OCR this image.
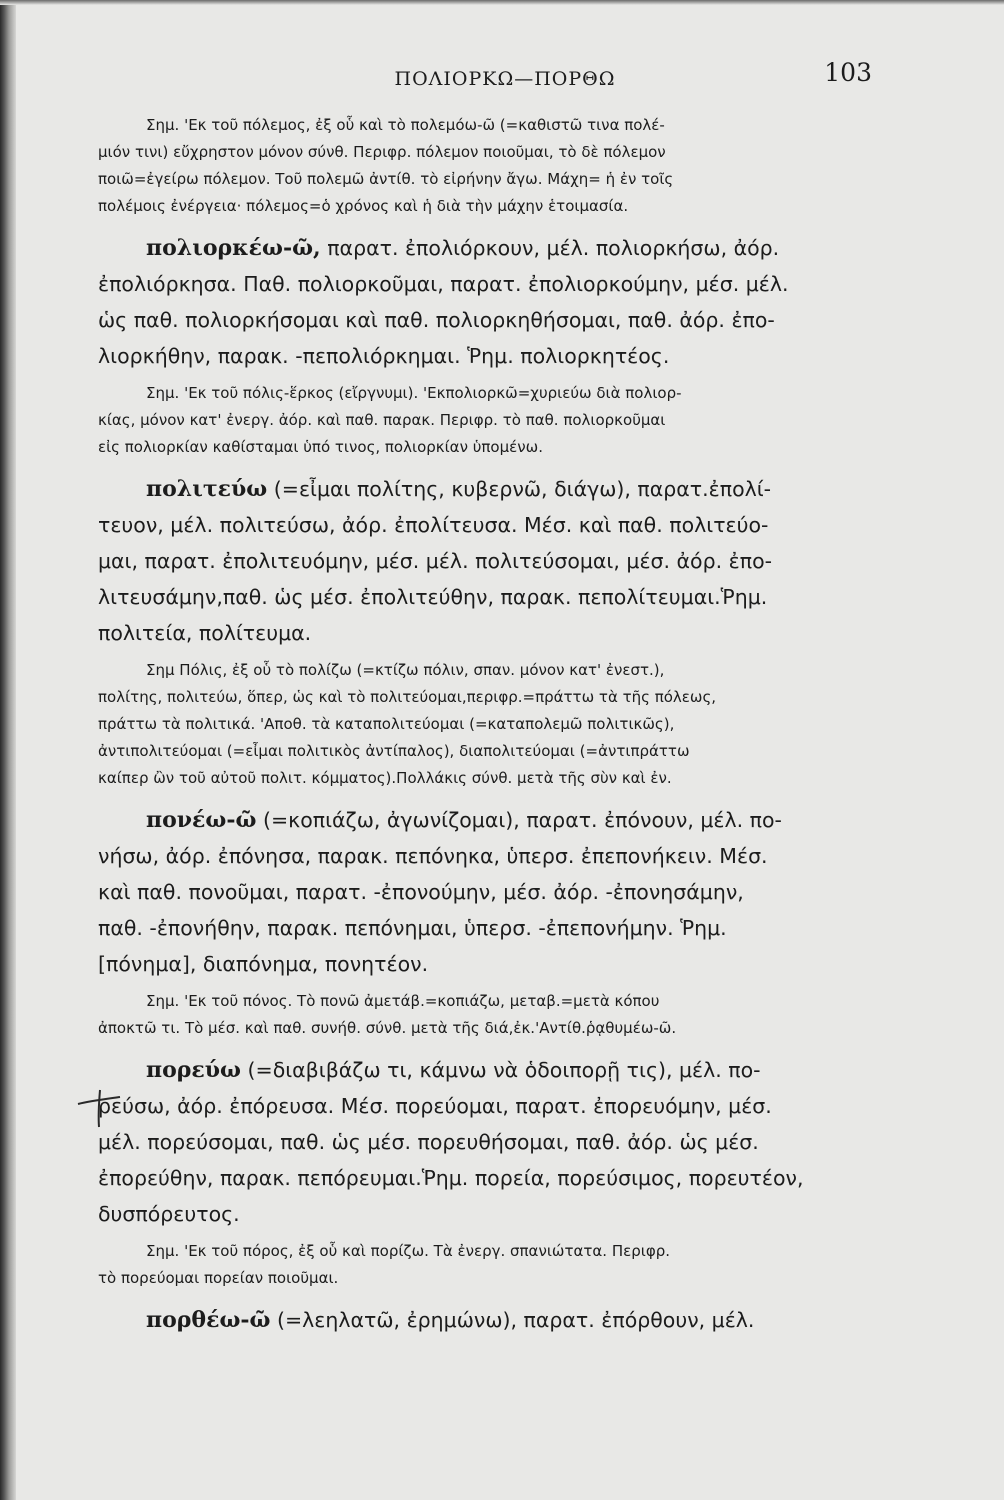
ΠΟΛΙΟΡΚΩ—ΠΟΡΘΩ	103
Σημ. 'Εκ τοῦ πόλεμος, ἐξ οὗ καὶ τὸ πολεμόω-ῶ (=καθιστῶ τινα πολέ-
μιόν τινι) εὔχρηστον μόνον σύνθ. Περιφρ. πόλεμον ποιοῦμαι, τὸ δὲ πόλεμον
ποιῶ=ἐγείρω πόλεμον. Τοῦ πολεμῶ ἀντίθ. τὸ εἰρήνην ἄγω. Μάχη= ἡ ἐν τοῖς
πολέμοις ἐνέργεια· πόλεμος=ὁ χρόνος καὶ ἡ διὰ τὴν μάχην ἑτοιμασία.
πολιορκέω-ῶ, παρατ. ἐπολιόρκουν, μέλ. πολιορκήσω, ἀόρ.
ἐπολιόρκησα. Παθ. πολιορκοῦμαι, παρατ. ἐπολιορκούμην, μέσ. μέλ.
ὡς παθ. πολιορκήσομαι καὶ παθ. πολιορκηθήσομαι, παθ. ἀόρ. ἐπο-
λιορκήθην, παρακ. -πεπολιόρκημαι. Ῥημ. πολιορκητέος.
Σημ. 'Εκ τοῦ πόλις-ἕρκος (εἴργνυμι). 'Εκπολιορκῶ=χυριεύω διὰ πολιορ-
κίας, μόνον κατ' ἐνεργ. ἀόρ. καὶ παθ. παρακ. Περιφρ. τὸ παθ. πολιορκοῦμαι
εἰς πολιορκίαν καθίσταμαι ὑπό τινος, πολιορκίαν ὑπομένω.
πολιτεύω (=εἶμαι πολίτης, κυβερνῶ, διάγω), παρατ.ἐπολί-
τευον, μέλ. πολιτεύσω, ἀόρ. ἐπολίτευσα. Μέσ. καὶ παθ. πολιτεύο-
μαι, παρατ. ἐπολιτευόμην, μέσ. μέλ. πολιτεύσομαι, μέσ. ἀόρ. ἐπο-
λιτευσάμην,παθ. ὡς μέσ. ἐπολιτεύθην, παρακ. πεπολίτευμαι.Ῥημ.
πολιτεία, πολίτευμα.
Σημ Πόλις, ἐξ οὗ τὸ πολίζω (=κτίζω πόλιν, σπαν. μόνον κατ' ἐνεστ.),
πολίτης, πολιτεύω, ὅπερ, ὡς καὶ τὸ πολιτεύομαι,περιφρ.=πράττω τὰ τῆς πόλεως,
πράττω τὰ πολιτικά. 'Αποθ. τὰ καταπολιτεύομαι (=καταπολεμῶ πολιτικῶς),
ἀντιπολιτεύομαι (=εἶμαι πολιτικὸς ἀντίπαλος), διαπολιτεύομαι (=ἀντιπράττω
καίπερ ὢν τοῦ αὐτοῦ πολιτ. κόμματος).Πολλάκις σύνθ. μετὰ τῆς σὺν καὶ ἐν.
πονέω-ῶ (=κοπιάζω, ἀγωνίζομαι), παρατ. ἐπόνουν, μέλ. πο-
νήσω, ἀόρ. ἐπόνησα, παρακ. πεπόνηκα, ὑπερσ. ἐπεπονήκειν. Μέσ.
καὶ παθ. πονοῦμαι, παρατ. -ἐπονούμην, μέσ. ἀόρ. -ἐπονησάμην,
παθ. -ἐπονήθην, παρακ. πεπόνημαι, ὑπερσ. -ἐπεπονήμην. Ῥημ.
[πόνημα], διαπόνημα, πονητέον.
Σημ. 'Εκ τοῦ πόνος. Τὸ πονῶ ἀμετάβ.=κοπιάζω, μεταβ.=μετὰ κόπου
ἀποκτῶ τι. Τὸ μέσ. καὶ παθ. συνήθ. σύνθ. μετὰ τῆς διά,ἐκ.'Αντίθ.ῥᾳθυμέω-ῶ.
πορεύω (=διαβιβάζω τι, κάμνω νὰ ὁδοιπορῇ τις), μέλ. πο-
ρεύσω, ἀόρ. ἐπόρευσα. Μέσ. πορεύομαι, παρατ. ἐπορευόμην, μέσ.
μέλ. πορεύσομαι, παθ. ὡς μέσ. πορευθήσομαι, παθ. ἀόρ. ὡς μέσ.
ἐπορεύθην, παρακ. πεπόρευμαι.Ῥημ. πορεία, πορεύσιμος, πορευτέον,
δυσπόρευτος.
Σημ. 'Εκ τοῦ πόρος, ἐξ οὗ καὶ πορίζω. Τὰ ἐνεργ. σπανιώτατα. Περιφρ.
τὸ πορεύομαι πορείαν ποιοῦμαι.
πορθέω-ῶ (=λεηλατῶ, ἐρημώνω), παρατ. ἐπόρθουν, μέλ.
